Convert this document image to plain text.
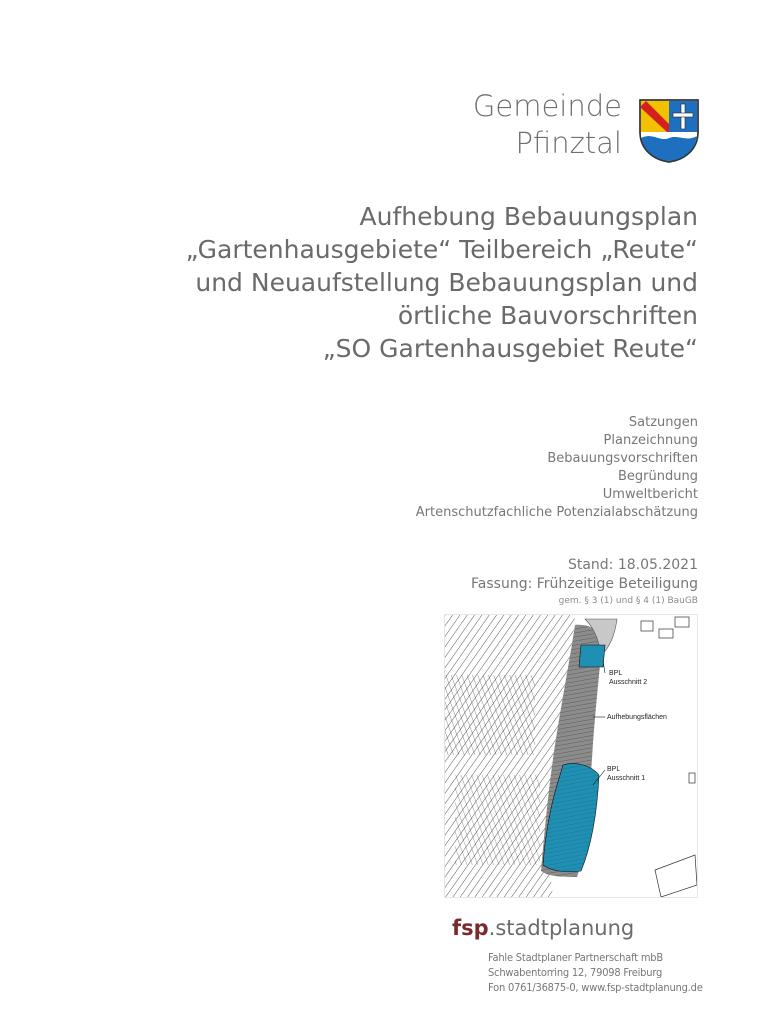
Gemeinde
Pfinztal
Aufhebung Bebauungsplan
„Gartenhausgebiete“ Teilbereich „Reute“
und Neuaufstellung Bebauungsplan und
örtliche Bauvorschriften
„SO Gartenhausgebiet Reute“
Satzungen
Planzeichnung
Bebauungsvorschriften
Begründung
Umweltbericht
Artenschutzfachliche Potenzialabschätzung
Stand: 18.05.2021
Fassung: Frühzeitige Beteiligung
gem. § 3 (1) und § 4 (1) BauGB
BPL
Ausschnitt 2
Aufhebungsflächen
BPL
Ausschnitt 1
fsp.stadtplanung
Fahle Stadtplaner Partnerschaft mbB
Schwabentorring 12, 79098 Freiburg
Fon 0761/36875-0, www.fsp-stadtplanung.de
